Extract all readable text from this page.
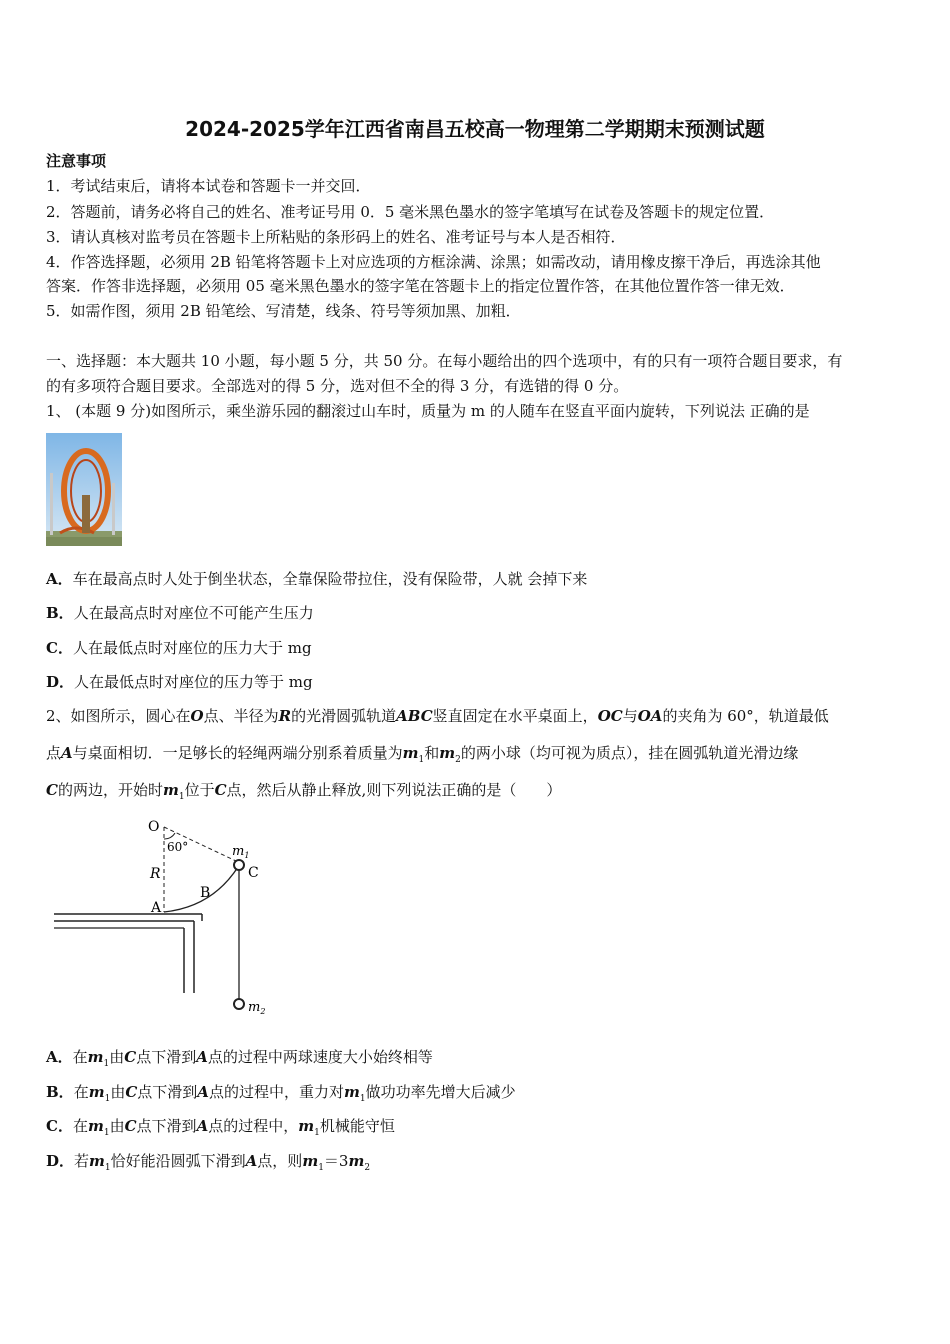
2024-2025学年江西省南昌五校高一物理第二学期期末预测试题
注意事项
1．考试结束后，请将本试卷和答题卡一并交回．
2．答题前，请务必将自己的姓名、准考证号用 0．5 毫米黑色墨水的签字笔填写在试卷及答题卡的规定位置．
3．请认真核对监考员在答题卡上所粘贴的条形码上的姓名、准考证号与本人是否相符．
4．作答选择题，必须用 2B 铅笔将答题卡上对应选项的方框涂满、涂黑；如需改动，请用橡皮擦干净后，再选涂其他
答案．作答非选择题，必须用 05 毫米黑色墨水的签字笔在答题卡上的指定位置作答，在其他位置作答一律无效．
5．如需作图，须用 2B 铅笔绘、写清楚，线条、符号等须加黑、加粗．
一、选择题：本大题共 10 小题，每小题 5 分，共 50 分。在每小题给出的四个选项中，有的只有一项符合题目要求，有
的有多项符合题目要求。全部选对的得 5 分，选对但不全的得 3 分，有选错的得 0 分。
1、 (本题 9 分)如图所示，乘坐游乐园的翻滚过山车时，质量为 m 的人随车在竖直平面内旋转，下列说法 正确的是
A．车在最高点时人处于倒坐状态，全靠保险带拉住，没有保险带，人就 会掉下来
B．人在最高点时对座位不可能产生压力
C．人在最低点时对座位的压力大于 mg
D．人在最低点时对座位的压力等于 mg
2、如图所示，圆心在O点、半径为R的光滑圆弧轨道ABC竖直固定在水平桌面上，OC与OA的夹角为 60°，轨道最低
点A与桌面相切．一足够长的轻绳两端分别系着质量为$m_1$和$m_2$的两小球（均可视为质点），挂在圆弧轨道光滑边缘
C的两边，开始时$m_1$位于C点，然后从静止释放,则下列说法正确的是（　　）
O
60°
R
B
A
C
$m_1$
$m_2$
A．在$m_1$由C点下滑到A点的过程中两球速度大小始终相等
B．在$m_1$由C点下滑到A点的过程中，重力对$m_1$做功功率先增大后减少
C．在$m_1$由C点下滑到A点的过程中，$m_1$机械能守恒
D．若$m_1$恰好能沿圆弧下滑到A点，则$m_1=3m_2$
